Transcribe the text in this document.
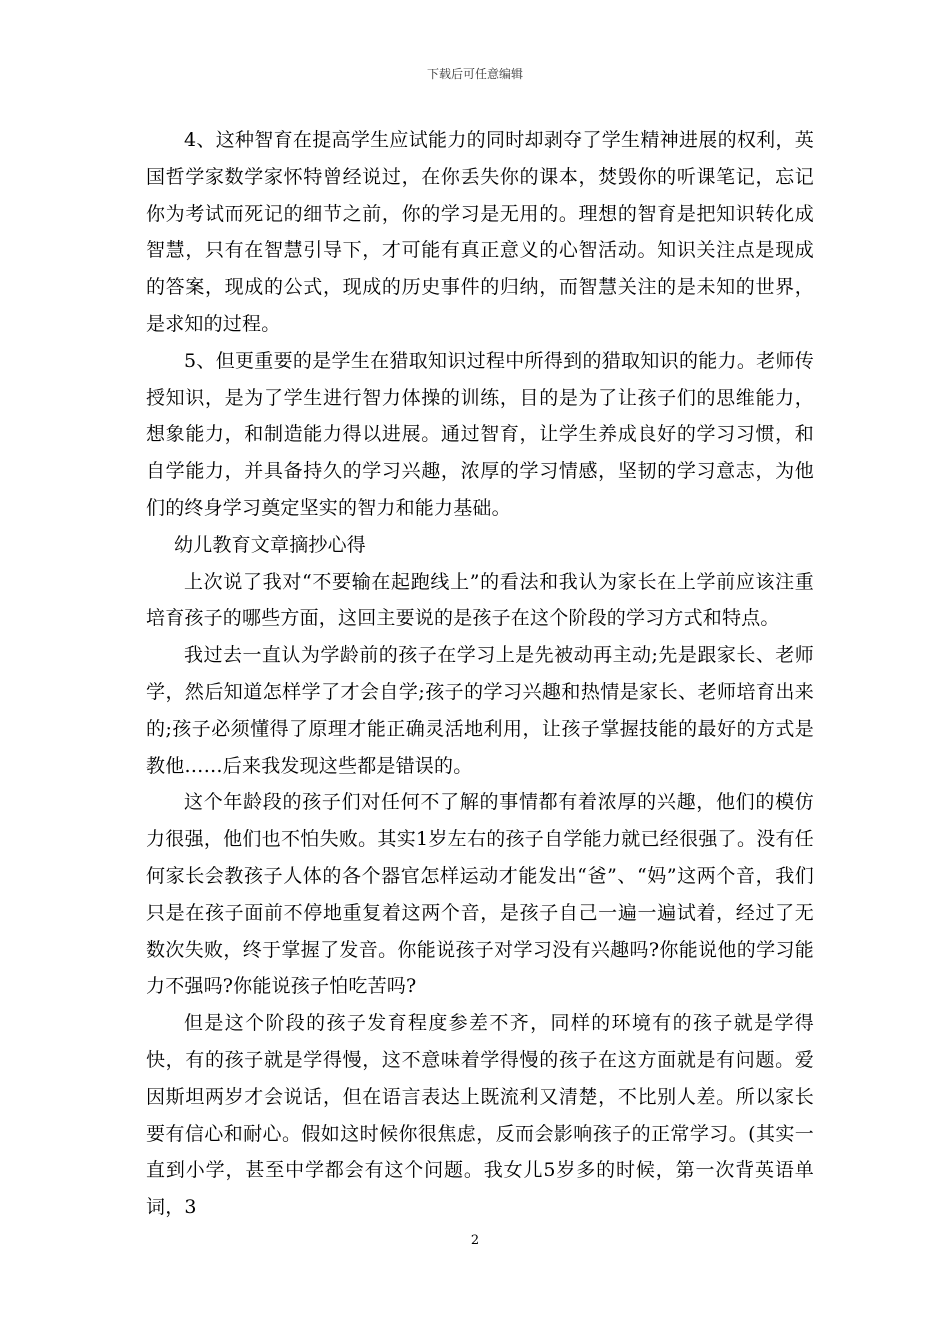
下载后可任意编辑

4、这种智育在提高学生应试能力的同时却剥夺了学生精神进展的权利，英国哲学家数学家怀特曾经说过，在你丢失你的课本，焚毁你的听课笔记，忘记你为考试而死记的细节之前，你的学习是无用的。理想的智育是把知识转化成智慧，只有在智慧引导下，才可能有真正意义的心智活动。知识关注点是现成的答案，现成的公式，现成的历史事件的归纳，而智慧关注的是未知的世界，是求知的过程。

5、但更重要的是学生在猎取知识过程中所得到的猎取知识的能力。老师传授知识，是为了学生进行智力体操的训练，目的是为了让孩子们的思维能力，想象能力，和制造能力得以进展。通过智育，让学生养成良好的学习习惯，和自学能力，并具备持久的学习兴趣，浓厚的学习情感，坚韧的学习意志，为他们的终身学习奠定坚实的智力和能力基础。

幼儿教育文章摘抄心得

上次说了我对“不要输在起跑线上”的看法和我认为家长在上学前应该注重培育孩子的哪些方面，这回主要说的是孩子在这个阶段的学习方式和特点。

我过去一直认为学龄前的孩子在学习上是先被动再主动;先是跟家长、老师学，然后知道怎样学了才会自学;孩子的学习兴趣和热情是家长、老师培育出来的;孩子必须懂得了原理才能正确灵活地利用，让孩子掌握技能的最好的方式是教他……后来我发现这些都是错误的。

这个年龄段的孩子们对任何不了解的事情都有着浓厚的兴趣，他们的模仿力很强，他们也不怕失败。其实1岁左右的孩子自学能力就已经很强了。没有任何家长会教孩子人体的各个器官怎样运动才能发出“爸”、“妈”这两个音，我们只是在孩子面前不停地重复着这两个音，是孩子自己一遍一遍试着，经过了无数次失败，终于掌握了发音。你能说孩子对学习没有兴趣吗?你能说他的学习能力不强吗?你能说孩子怕吃苦吗?

但是这个阶段的孩子发育程度参差不齐，同样的环境有的孩子就是学得快，有的孩子就是学得慢，这不意味着学得慢的孩子在这方面就是有问题。爱因斯坦两岁才会说话，但在语言表达上既流利又清楚，不比别人差。所以家长要有信心和耐心。假如这时候你很焦虑，反而会影响孩子的正常学习。(其实一直到小学，甚至中学都会有这个问题。我女儿5岁多的时候，第一次背英语单词，3

2
